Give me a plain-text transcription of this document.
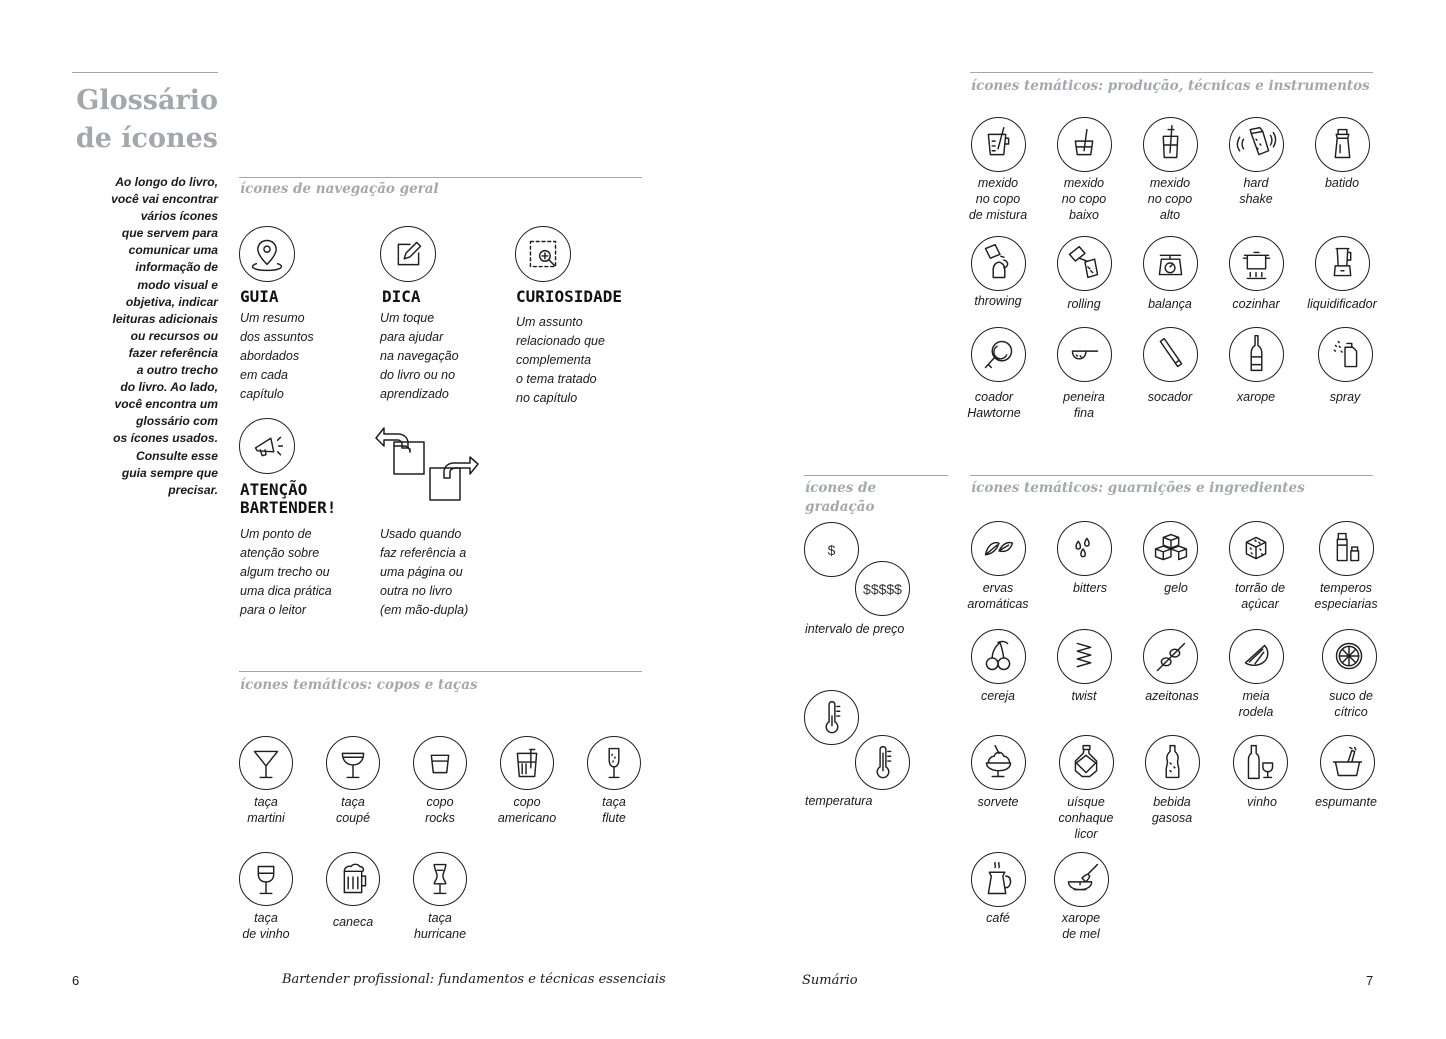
Glossário
de ícones
Ao longo do livro,
você vai encontrar
vários ícones
que servem para
comunicar uma
informação de
modo visual e
objetiva, indicar
leituras adicionais
ou recursos ou
fazer referência
a outro trecho
do livro. Ao lado,
você encontra um
glossário com
os ícones usados.
Consulte esse
guia sempre que
precisar.
ícones de navegação geral
GUIA
Um resumo
dos assuntos
abordados
em cada
capítulo
DICA
Um toque
para ajudar
na navegação
do livro ou no
aprendizado
CURIOSIDADE
Um assunto
relacionado que
complementa
o tema tratado
no capítulo
ATENÇÃO
BARTENDER!
Um ponto de
atenção sobre
algum trecho ou
uma dica prática
para o leitor
Usado quando
faz referência a
uma página ou
outra no livro
(em mão-dupla)
ícones temáticos: copos e taças
taça
martini
taça
coupé
copo
rocks
copo
americano
taça
flute
taça
de vinho
caneca	taça
hurricane
6	Bartender profissional: fundamentos e técnicas essenciais
ícones temáticos: produção, técnicas e instrumentos
mexido
no copo
de mistura
mexido
no copo
baixo
mexido
no copo
alto
hard
shake
batido
throwing	rolling	balança	cozinhar	liquidificador
coador
Hawtorne
peneira
fina
socador	xarope	spray
ícones de
gradação
$
$$$$$
intervalo de preço
temperatura
ícones temáticos: guarnições e ingredientes
ervas
aromáticas
bitters	gelo	torrão de
açúcar
temperos
especiarias
cereja	twist	azeitonas	meia
rodela
suco de
cítrico
sorvete	uísque
conhaque
licor
bebida
gasosa
vinho	espumante
café	xarope
de mel
Sumário	7
